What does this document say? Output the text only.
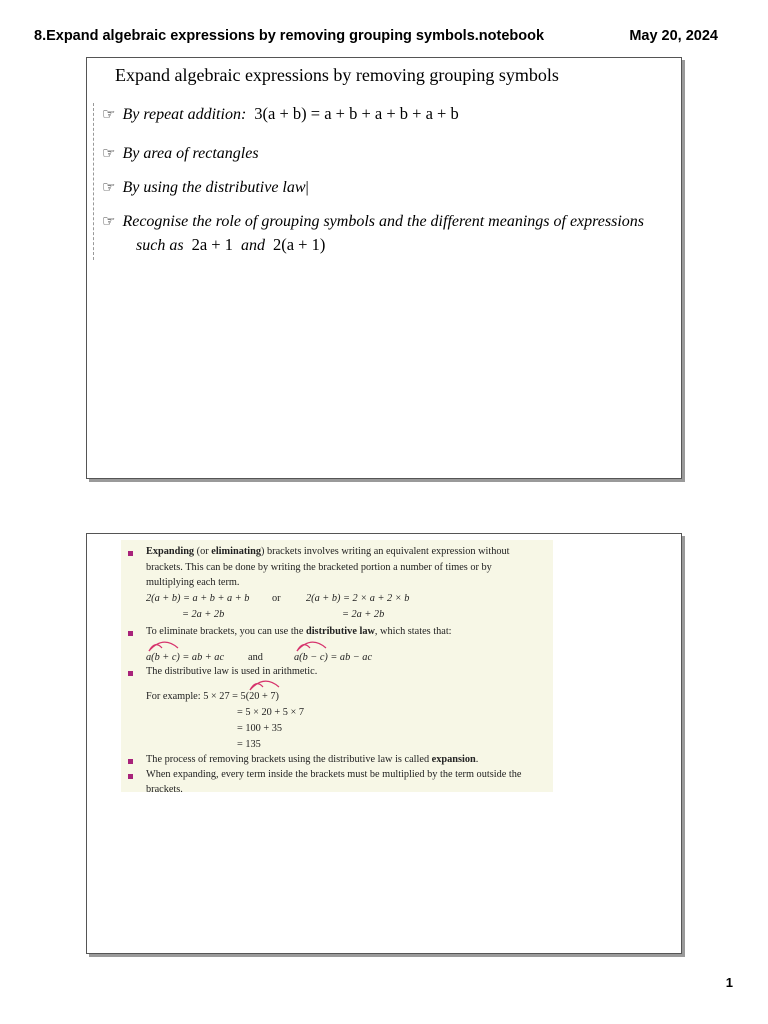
8.Expand algebraic expressions by removing grouping symbols.notebook	May 20, 2024
Expand algebraic expressions by removing grouping symbols
☞ By repeat addition: 3(a + b) = a + b + a + b + a + b
☞ By area of rectangles
☞ By using the distributive law|
☞ Recognise the role of grouping symbols and the different meanings of expressions
such as 2a + 1 and 2(a + 1)
Expanding (or eliminating) brackets involves writing an equivalent expression without
brackets. This can be done by writing the bracketed portion a number of times or by
multiplying each term.
2(a + b) = a + b + a + b
= 2a + 2b
or 2(a + b) = 2 × a + 2 × b
= 2a + 2b
To eliminate brackets, you can use the distributive law, which states that:
a(b + c) = ab + ac and	a(b − c) = ab − ac
The distributive law is used in arithmetic.
For example: 5 × 27 = 5(20 + 7)
= 5 × 20 + 5 × 7
= 100 + 35
= 135
The process of removing brackets using the distributive law is called expansion.
When expanding, every term inside the brackets must be multiplied by the term outside the
brackets.
1
